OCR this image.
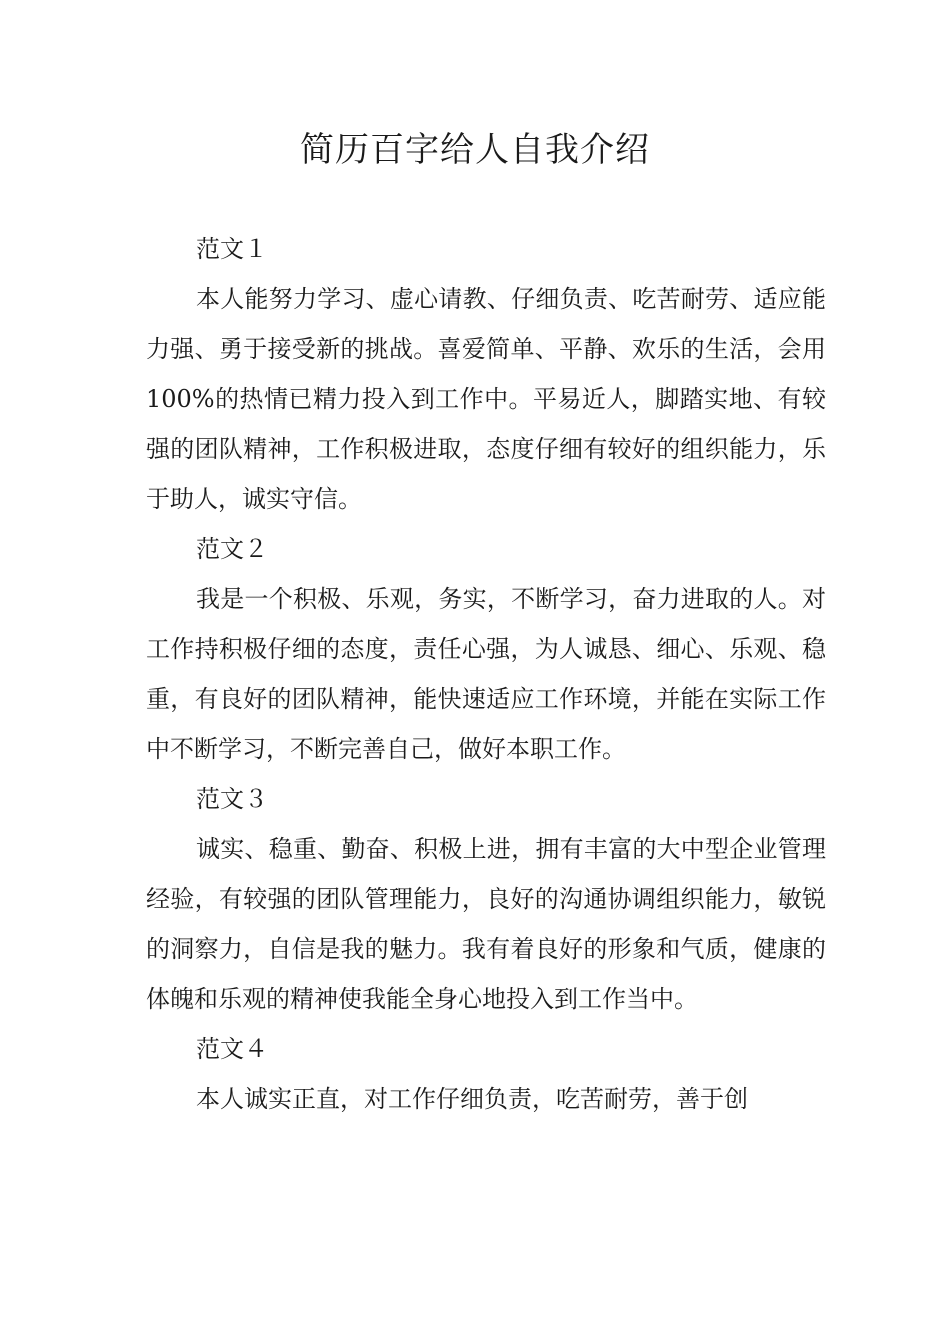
简历百字给人自我介绍

范文１

本人能努力学习、虚心请教、仔细负责、吃苦耐劳、适应能力强、勇于接受新的挑战。喜爱简单、平静、欢乐的生活，会用100%的热情已精力投入到工作中。平易近人，脚踏实地、有较强的团队精神，工作积极进取，态度仔细有较好的组织能力，乐于助人，诚实守信。

范文２

我是一个积极、乐观，务实，不断学习，奋力进取的人。对工作持积极仔细的态度，责任心强，为人诚恳、细心、乐观、稳重，有良好的团队精神，能快速适应工作环境，并能在实际工作中不断学习，不断完善自己，做好本职工作。

范文３

诚实、稳重、勤奋、积极上进，拥有丰富的大中型企业管理经验，有较强的团队管理能力，良好的沟通协调组织能力，敏锐的洞察力，自信是我的魅力。我有着良好的形象和气质，健康的体魄和乐观的精神使我能全身心地投入到工作当中。

范文４

本人诚实正直，对工作仔细负责，吃苦耐劳，善于创
